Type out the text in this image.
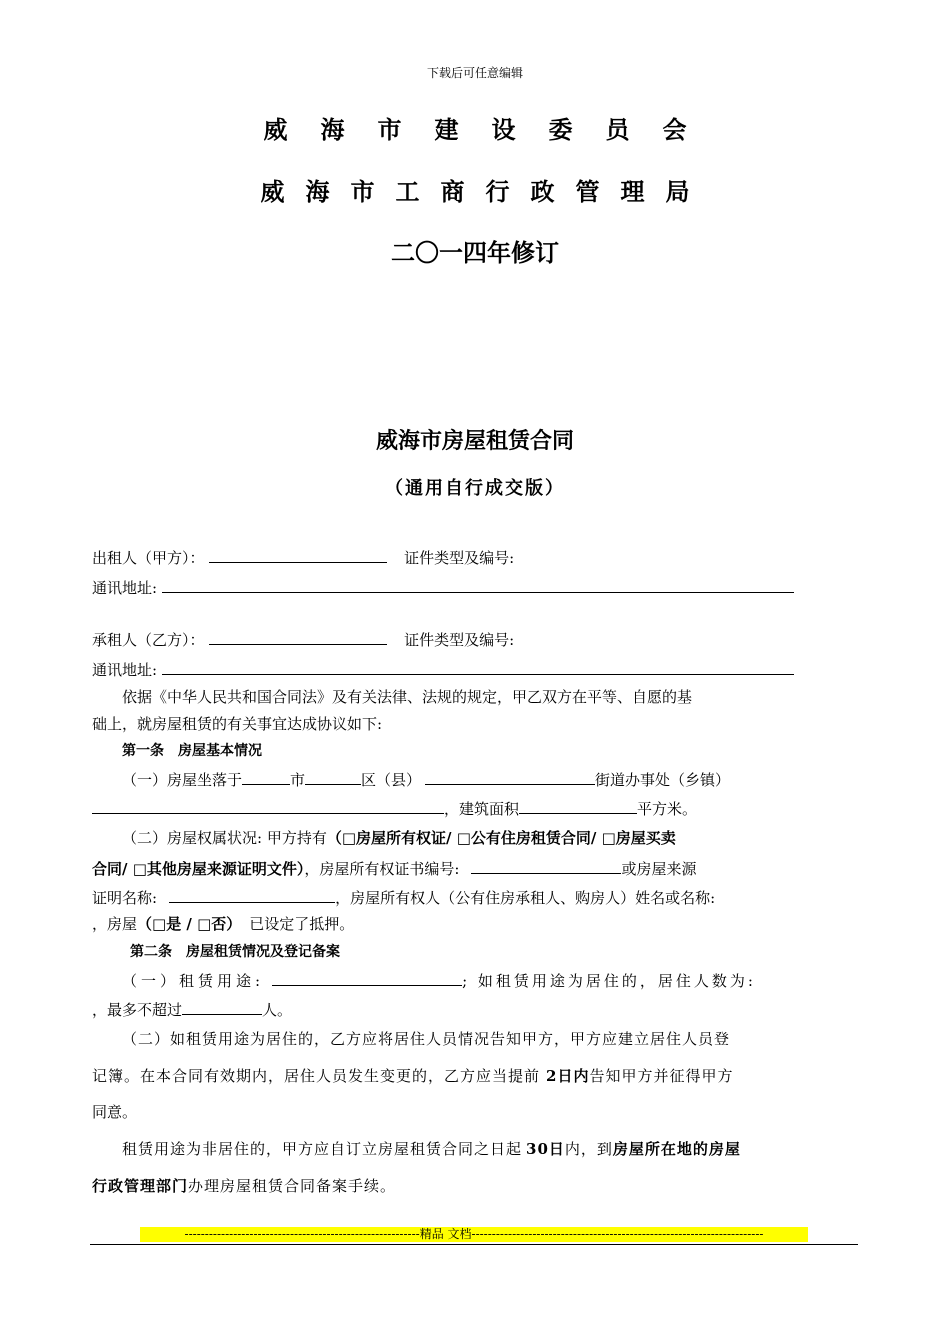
下载后可任意编辑
威海市建设委员会
威海市工商行政管理局
二〇一四年修订
威海市房屋租赁合同
（通用自行成交版）
出租人（甲方）：	证件类型及编号:
通讯地址:
承租人（乙方）：	证件类型及编号:
通讯地址:
依据《中华人民共和国合同法》及有关法律、法规的规定，甲乙双方在平等、自愿的基
础上，就房屋租赁的有关事宜达成协议如下:
第一条　房屋基本情况
（一）房屋坐落于	市	区（县）	街道办事处（乡镇）
，建筑面积	平方米。
（二）房屋权属状况: 甲方持有（□房屋所有权证/ □公有住房租赁合同/ □房屋买卖
合同/ □其他房屋来源证明文件），房屋所有权证书编号:	或房屋来源
证明名称:	，房屋所有权人（公有住房承租人、购房人）姓名或名称:
，房屋（□是 / □否） 已设定了抵押。
第二条　房屋租赁情况及登记备案
（一）租赁用途:	; 如租赁用途为居住的，居住人数为:
，最多不超过	人。
（二）如租赁用途为居住的，乙方应将居住人员情况告知甲方，甲方应建立居住人员登
记簿。在本合同有效期内，居住人员发生变更的，乙方应当提前 2日内告知甲方并征得甲方
同意。
租赁用途为非居住的，甲方应自订立房屋租赁合同之日起 30日内，到房屋所在地的房屋
行政管理部门办理房屋租赁合同备案手续。
----------------------------------------------------------精品 文档------------------------------------------------------------------------
